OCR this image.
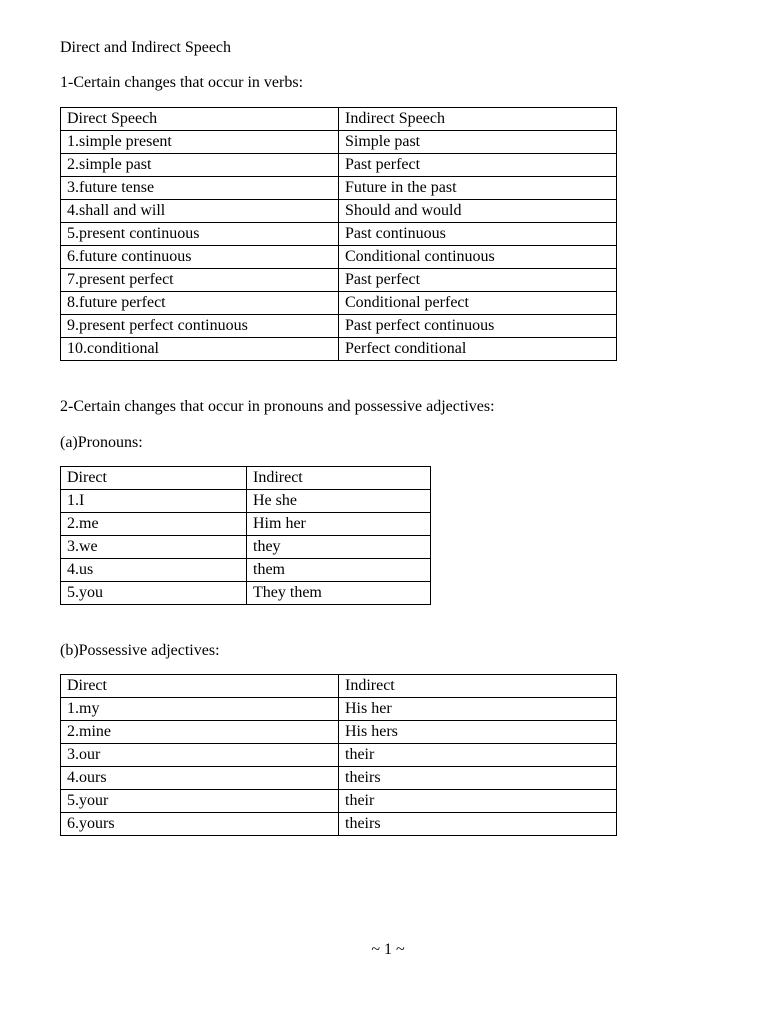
Direct and Indirect Speech

1-Certain changes that occur in verbs:

Direct Speech	Indirect Speech
1.simple present	Simple past
2.simple past	Past perfect
3.future tense	Future in the past
4.shall and will	Should and would
5.present continuous	Past continuous
6.future continuous	Conditional continuous
7.present perfect	Past perfect
8.future perfect	Conditional perfect
9.present perfect continuous	Past perfect continuous
10.conditional	Perfect conditional

2-Certain changes that occur in pronouns and possessive adjectives:

(a)Pronouns:

Direct	Indirect
1.I	He she
2.me	Him her
3.we	they
4.us	them
5.you	They them

(b)Possessive adjectives:

Direct	Indirect
1.my	His her
2.mine	His hers
3.our	their
4.ours	theirs
5.your	their
6.yours	theirs
~ 1 ~
